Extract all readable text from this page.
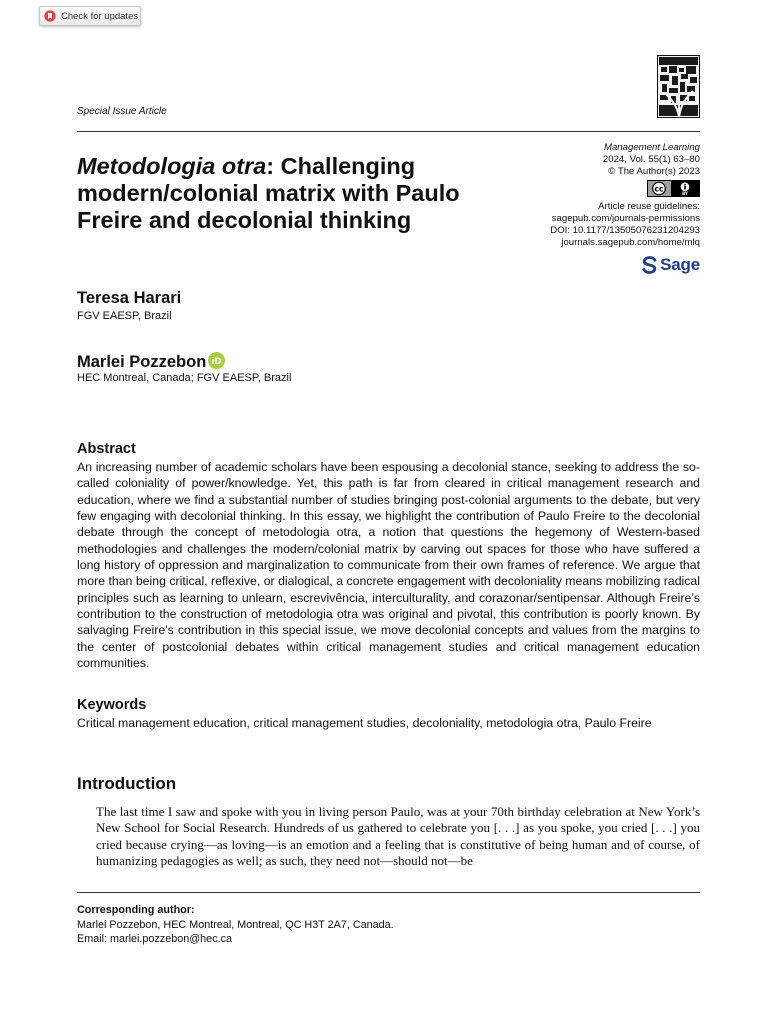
Check for updates
Special Issue Article
Metodologia otra: Challenging modern/colonial matrix with Paulo Freire and decolonial thinking
Management Learning
2024, Vol. 55(1) 63–80
© The Author(s) 2023
cc	BY
Article reuse guidelines:
sagepub.com/journals-permissions
DOI: 10.1177/13505076231204293
journals.sagepub.com/home/mlq
Sage
Teresa Harari
FGV EAESP, Brazil
Marlei Pozzebon iD
HEC Montreal, Canada; FGV EAESP, Brazil
Abstract
An increasing number of academic scholars have been espousing a decolonial stance, seeking to address the so-called coloniality of power/knowledge. Yet, this path is far from cleared in critical management research and education, where we find a substantial number of studies bringing post-colonial arguments to the debate, but very few engaging with decolonial thinking. In this essay, we highlight the contribution of Paulo Freire to the decolonial debate through the concept of metodologia otra, a notion that questions the hegemony of Western-based methodologies and challenges the modern/colonial matrix by carving out spaces for those who have suffered a long history of oppression and marginalization to communicate from their own frames of reference. We argue that more than being critical, reflexive, or dialogical, a concrete engagement with decoloniality means mobilizing radical principles such as learning to unlearn, escrevivência, interculturality, and corazonar/sentipensar. Although Freire’s contribution to the construction of metodologia otra was original and pivotal, this contribution is poorly known. By salvaging Freire’s contribution in this special issue, we move decolonial concepts and values from the margins to the center of postcolonial debates within critical management studies and critical management education communities.
Keywords
Critical management education, critical management studies, decoloniality, metodologia otra, Paulo Freire
Introduction
The last time I saw and spoke with you in living person Paulo, was at your 70th birthday celebration at New York’s New School for Social Research. Hundreds of us gathered to celebrate you [. . .] as you spoke, you cried [. . .] you cried because crying—as loving—is an emotion and a feeling that is constitutive of being human and of course, of humanizing pedagogies as well; as such, they need not—should not—be
Corresponding author:
Marlei Pozzebon, HEC Montreal, Montreal, QC H3T 2A7, Canada.
Email: marlei.pozzebon@hec.ca
